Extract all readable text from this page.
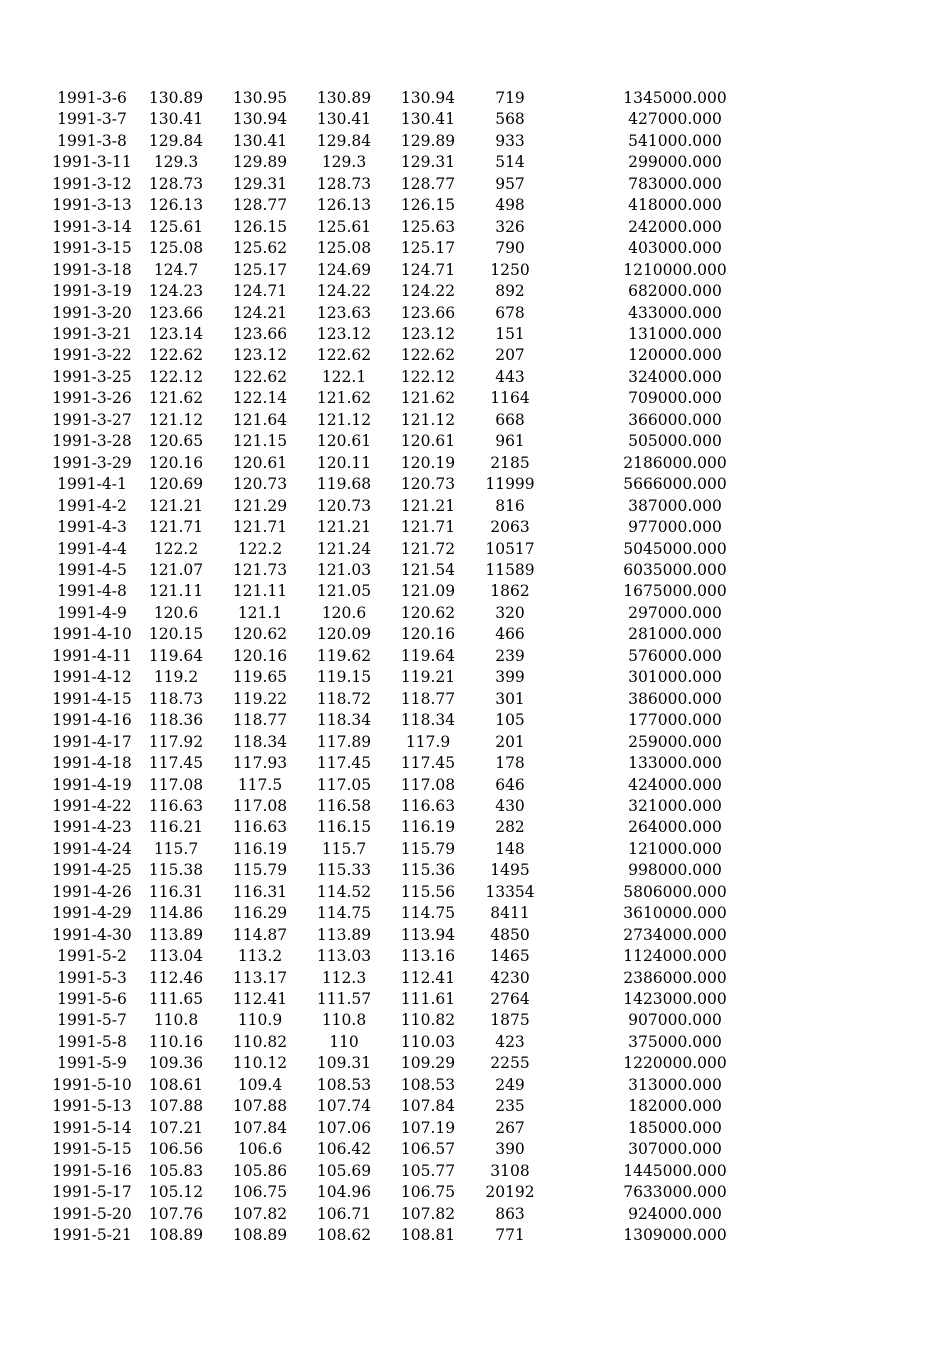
	1991-3-6	130.89	130.95	130.89	130.94	719	1345000.000	
	1991-3-7	130.41	130.94	130.41	130.41	568	427000.000	
	1991-3-8	129.84	130.41	129.84	129.89	933	541000.000	
	1991-3-11	129.3	129.89	129.3	129.31	514	299000.000	
	1991-3-12	128.73	129.31	128.73	128.77	957	783000.000	
	1991-3-13	126.13	128.77	126.13	126.15	498	418000.000	
	1991-3-14	125.61	126.15	125.61	125.63	326	242000.000	
	1991-3-15	125.08	125.62	125.08	125.17	790	403000.000	
	1991-3-18	124.7	125.17	124.69	124.71	1250	1210000.000	
	1991-3-19	124.23	124.71	124.22	124.22	892	682000.000	
	1991-3-20	123.66	124.21	123.63	123.66	678	433000.000	
	1991-3-21	123.14	123.66	123.12	123.12	151	131000.000	
	1991-3-22	122.62	123.12	122.62	122.62	207	120000.000	
	1991-3-25	122.12	122.62	122.1	122.12	443	324000.000	
	1991-3-26	121.62	122.14	121.62	121.62	1164	709000.000	
	1991-3-27	121.12	121.64	121.12	121.12	668	366000.000	
	1991-3-28	120.65	121.15	120.61	120.61	961	505000.000	
	1991-3-29	120.16	120.61	120.11	120.19	2185	2186000.000	
	1991-4-1	120.69	120.73	119.68	120.73	11999	5666000.000	
	1991-4-2	121.21	121.29	120.73	121.21	816	387000.000	
	1991-4-3	121.71	121.71	121.21	121.71	2063	977000.000	
	1991-4-4	122.2	122.2	121.24	121.72	10517	5045000.000	
	1991-4-5	121.07	121.73	121.03	121.54	11589	6035000.000	
	1991-4-8	121.11	121.11	121.05	121.09	1862	1675000.000	
	1991-4-9	120.6	121.1	120.6	120.62	320	297000.000	
	1991-4-10	120.15	120.62	120.09	120.16	466	281000.000	
	1991-4-11	119.64	120.16	119.62	119.64	239	576000.000	
	1991-4-12	119.2	119.65	119.15	119.21	399	301000.000	
	1991-4-15	118.73	119.22	118.72	118.77	301	386000.000	
	1991-4-16	118.36	118.77	118.34	118.34	105	177000.000	
	1991-4-17	117.92	118.34	117.89	117.9	201	259000.000	
	1991-4-18	117.45	117.93	117.45	117.45	178	133000.000	
	1991-4-19	117.08	117.5	117.05	117.08	646	424000.000	
	1991-4-22	116.63	117.08	116.58	116.63	430	321000.000	
	1991-4-23	116.21	116.63	116.15	116.19	282	264000.000	
	1991-4-24	115.7	116.19	115.7	115.79	148	121000.000	
	1991-4-25	115.38	115.79	115.33	115.36	1495	998000.000	
	1991-4-26	116.31	116.31	114.52	115.56	13354	5806000.000	
	1991-4-29	114.86	116.29	114.75	114.75	8411	3610000.000	
	1991-4-30	113.89	114.87	113.89	113.94	4850	2734000.000	
	1991-5-2	113.04	113.2	113.03	113.16	1465	1124000.000	
	1991-5-3	112.46	113.17	112.3	112.41	4230	2386000.000	
	1991-5-6	111.65	112.41	111.57	111.61	2764	1423000.000	
	1991-5-7	110.8	110.9	110.8	110.82	1875	907000.000	
	1991-5-8	110.16	110.82	110	110.03	423	375000.000	
	1991-5-9	109.36	110.12	109.31	109.29	2255	1220000.000	
	1991-5-10	108.61	109.4	108.53	108.53	249	313000.000	
	1991-5-13	107.88	107.88	107.74	107.84	235	182000.000	
	1991-5-14	107.21	107.84	107.06	107.19	267	185000.000	
	1991-5-15	106.56	106.6	106.42	106.57	390	307000.000	
	1991-5-16	105.83	105.86	105.69	105.77	3108	1445000.000	
	1991-5-17	105.12	106.75	104.96	106.75	20192	7633000.000	
	1991-5-20	107.76	107.82	106.71	107.82	863	924000.000	
	1991-5-21	108.89	108.89	108.62	108.81	771	1309000.000	
